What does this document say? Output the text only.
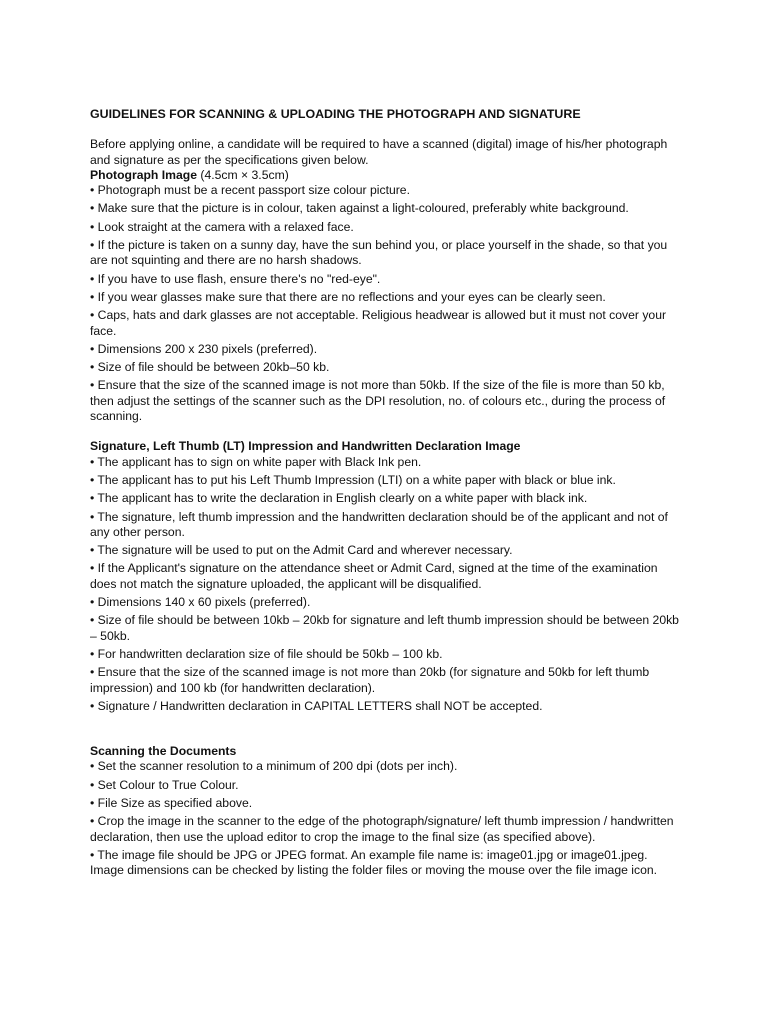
GUIDELINES FOR SCANNING & UPLOADING THE PHOTOGRAPH AND SIGNATURE

Before applying online, a candidate will be required to have a scanned (digital) image of his/her photograph and signature as per the specifications given below.

Photograph Image (4.5cm × 3.5cm)

• Photograph must be a recent passport size colour picture.
• Make sure that the picture is in colour, taken against a light-coloured, preferably white background.
• Look straight at the camera with a relaxed face.
• If the picture is taken on a sunny day, have the sun behind you, or place yourself in the shade, so that you are not squinting and there are no harsh shadows.
• If you have to use flash, ensure there's no "red-eye".
• If you wear glasses make sure that there are no reflections and your eyes can be clearly seen.
• Caps, hats and dark glasses are not acceptable. Religious headwear is allowed but it must not cover your face.
• Dimensions 200 x 230 pixels (preferred).
• Size of file should be between 20kb–50 kb.
• Ensure that the size of the scanned image is not more than 50kb. If the size of the file is more than 50 kb, then adjust the settings of the scanner such as the DPI resolution, no. of colours etc., during the process of scanning.

Signature, Left Thumb (LT) Impression and Handwritten Declaration Image

• The applicant has to sign on white paper with Black Ink pen.
• The applicant has to put his Left Thumb Impression (LTI) on a white paper with black or blue ink.
• The applicant has to write the declaration in English clearly on a white paper with black ink.
• The signature, left thumb impression and the handwritten declaration should be of the applicant and not of any other person.
• The signature will be used to put on the Admit Card and wherever necessary.
• If the Applicant's signature on the attendance sheet or Admit Card, signed at the time of the examination does not match the signature uploaded, the applicant will be disqualified.
• Dimensions 140 x 60 pixels (preferred).
• Size of file should be between 10kb – 20kb for signature and left thumb impression should be between 20kb – 50kb.
• For handwritten declaration size of file should be 50kb – 100 kb.
• Ensure that the size of the scanned image is not more than 20kb (for signature and 50kb for left thumb impression) and 100 kb (for handwritten declaration).
• Signature / Handwritten declaration in CAPITAL LETTERS shall NOT be accepted.

Scanning the Documents

• Set the scanner resolution to a minimum of 200 dpi (dots per inch).
• Set Colour to True Colour.
• File Size as specified above.
• Crop the image in the scanner to the edge of the photograph/signature/ left thumb impression / handwritten declaration, then use the upload editor to crop the image to the final size (as specified above).
• The image file should be JPG or JPEG format. An example file name is: image01.jpg or image01.jpeg. Image dimensions can be checked by listing the folder files or moving the mouse over the file image icon.
